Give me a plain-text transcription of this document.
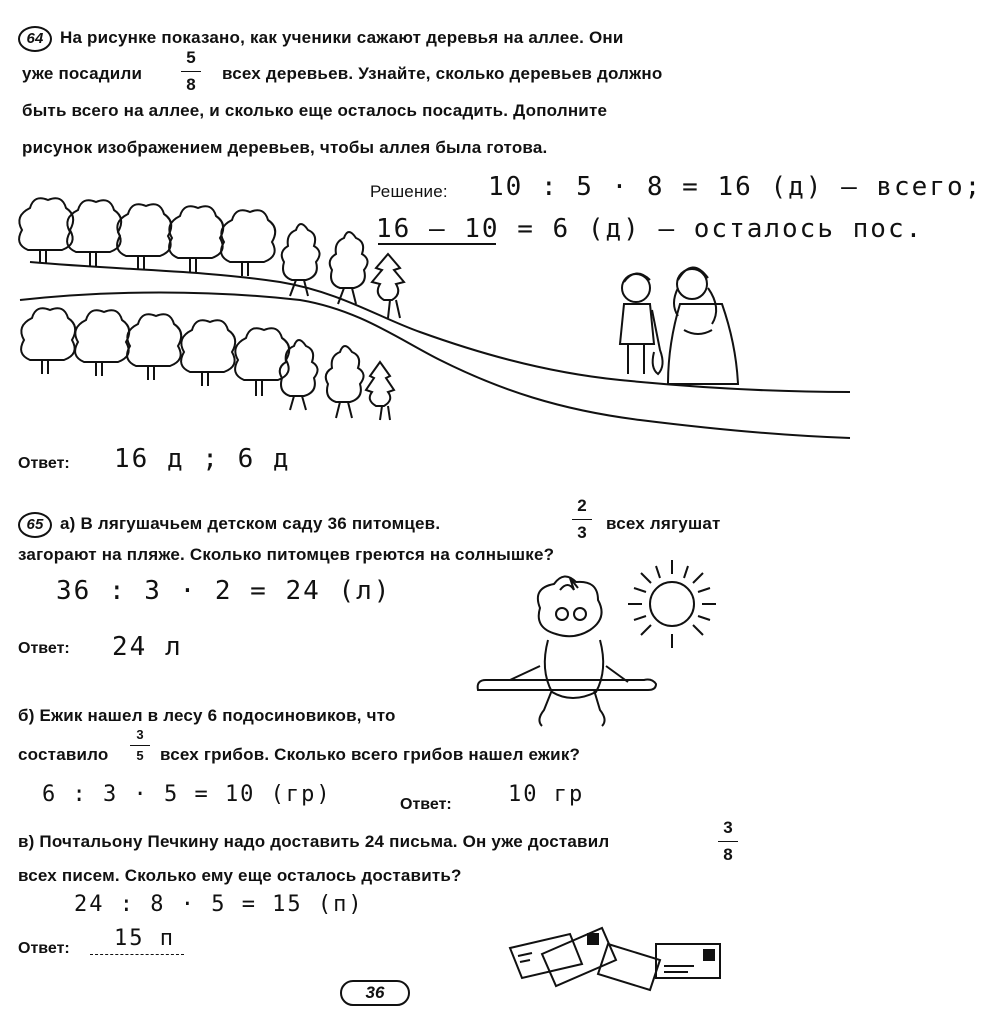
64 На рисунке показано, как ученики сажают деревья на аллее. Они
уже посадили
5
8
всех деревьев. Узнайте, сколько деревьев должно
быть всего на аллее, и сколько еще осталось посадить. Дополните
рисунок изображением деревьев, чтобы аллея была готова.
Решение: 10 : 5 · 8 = 16 (д) – всего;
16 – 10 = 6 (д) – осталось пос.
Ответ: 16 д ; 6 д
65 а) В лягушачьем детском саду 36 питомцев.
2
3	всех лягушат
загорают на пляже. Сколько питомцев греются на солнышке?
36 : 3 · 2 = 24 (л)
Ответ: 24 л
б) Ежик нашел в лесу 6 подосиновиков, что
составило
3
5 всех грибов. Сколько всего грибов нашел ежик?
6 : 3 · 5 = 10 (гр)	Ответ:	10 гр
в) Почтальону Печкину надо доставить 24 письма. Он уже доставил
3
8
всех писем. Сколько ему еще осталось доставить?
24 : 8 · 5 = 15 (п)
Ответ: 15 п
36
